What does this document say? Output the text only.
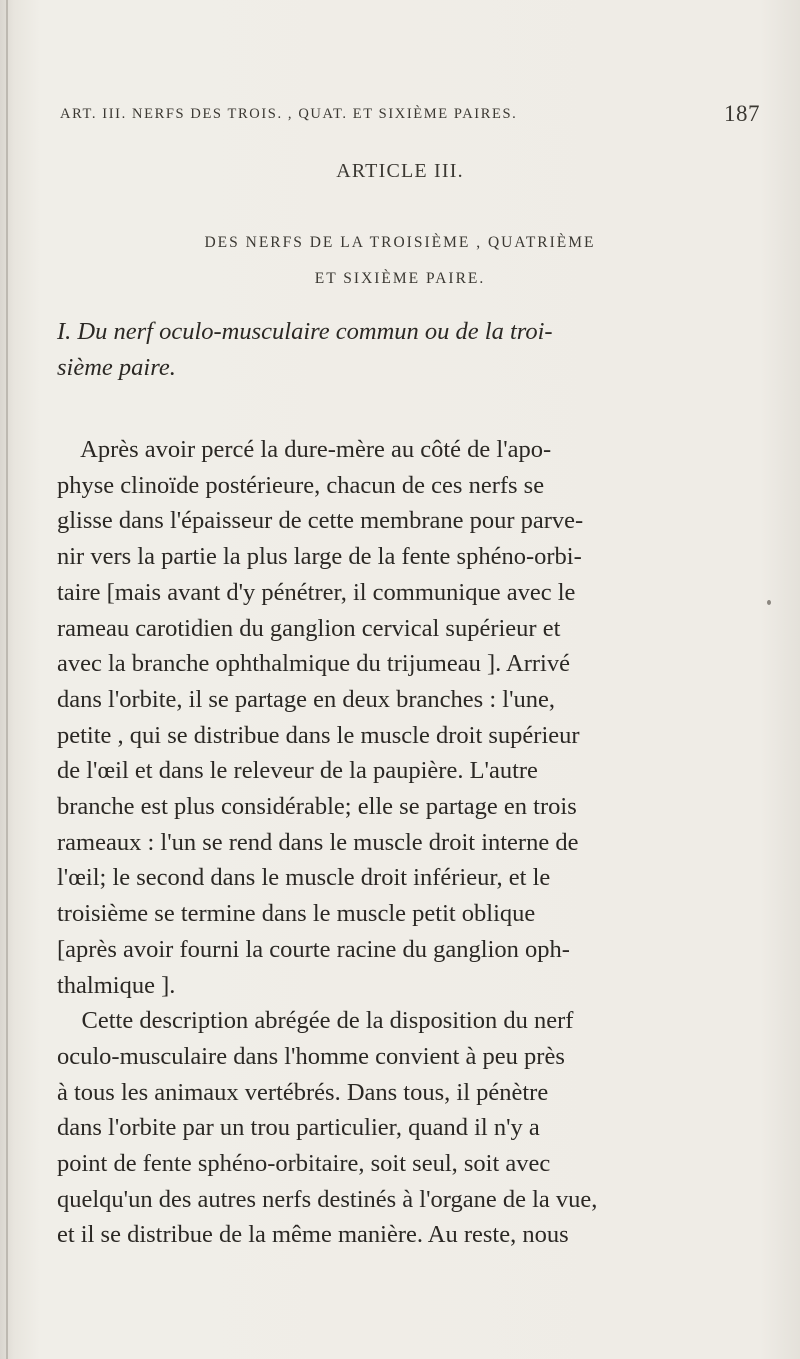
ART. III. NERFS DES TROIS. , QUAT. ET SIXIÈME PAIRES.	187
ARTICLE III.
DES NERFS DE LA TROISIÈME , QUATRIÈME
ET SIXIÈME PAIRE.
I. Du nerf oculo-musculaire commun ou de la troi-
sième paire.
Après avoir percé la dure-mère au côté de l'apo-
physe clinoïde postérieure, chacun de ces nerfs se
glisse dans l'épaisseur de cette membrane pour parve-
nir vers la partie la plus large de la fente sphéno-orbi-
taire [mais avant d'y pénétrer, il communique avec le
rameau carotidien du ganglion cervical supérieur et
avec la branche ophthalmique du trijumeau ]. Arrivé
dans l'orbite, il se partage en deux branches : l'une,
petite , qui se distribue dans le muscle droit supérieur
de l'œil et dans le releveur de la paupière. L'autre
branche est plus considérable; elle se partage en trois
rameaux : l'un se rend dans le muscle droit interne de
l'œil; le second dans le muscle droit inférieur, et le
troisième se termine dans le muscle petit oblique
[après avoir fourni la courte racine du ganglion oph-
thalmique ].
Cette description abrégée de la disposition du nerf
oculo-musculaire dans l'homme convient à peu près
à tous les animaux vertébrés. Dans tous, il pénètre
dans l'orbite par un trou particulier, quand il n'y a
point de fente sphéno-orbitaire, soit seul, soit avec
quelqu'un des autres nerfs destinés à l'organe de la vue,
et il se distribue de la même manière. Au reste, nous
